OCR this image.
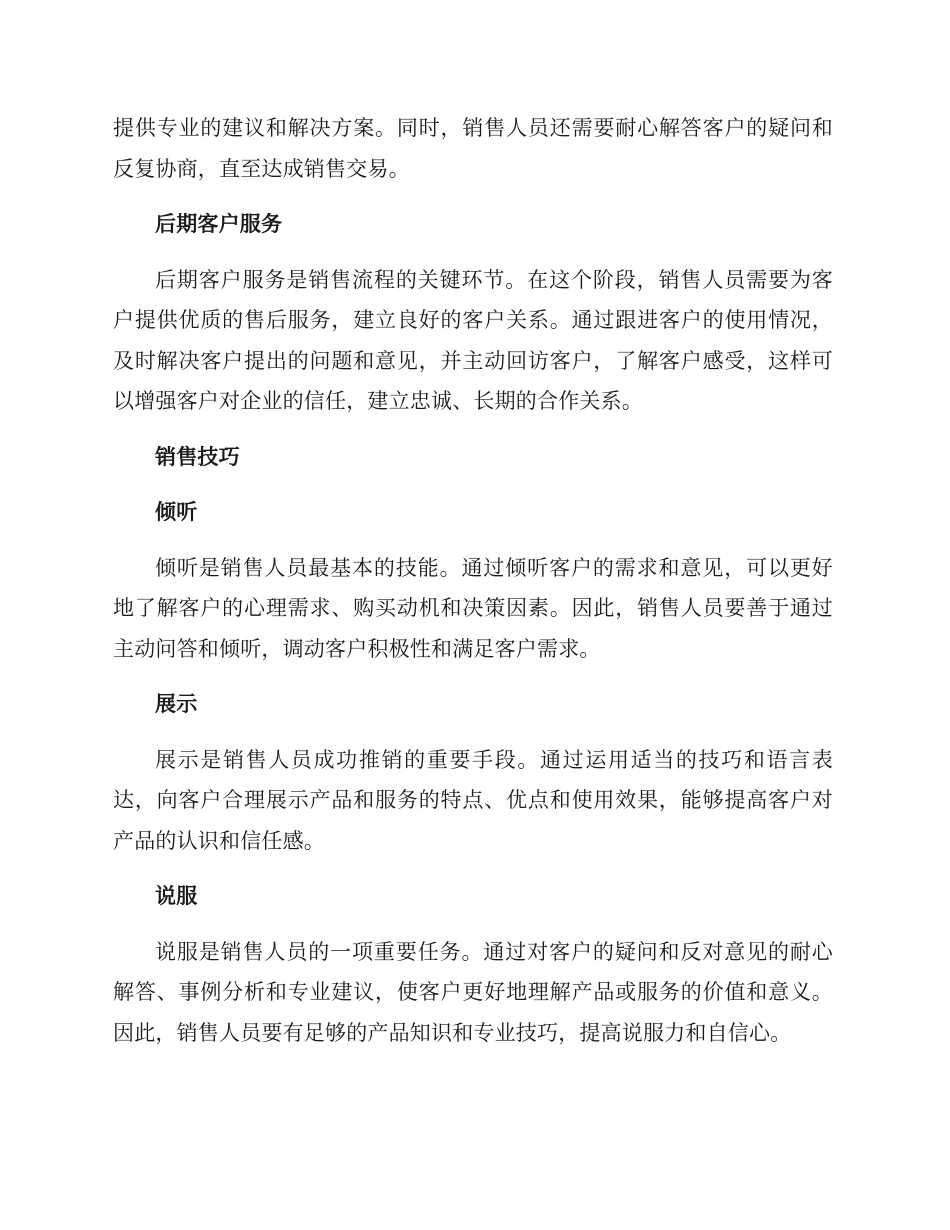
提供专业的建议和解决方案。同时，销售人员还需要耐心解答客户的疑问和反复协商，直至达成销售交易。

后期客户服务

后期客户服务是销售流程的关键环节。在这个阶段，销售人员需要为客户提供优质的售后服务，建立良好的客户关系。通过跟进客户的使用情况，及时解决客户提出的问题和意见，并主动回访客户，了解客户感受，这样可以增强客户对企业的信任，建立忠诚、长期的合作关系。

销售技巧

倾听

倾听是销售人员最基本的技能。通过倾听客户的需求和意见，可以更好地了解客户的心理需求、购买动机和决策因素。因此，销售人员要善于通过主动问答和倾听，调动客户积极性和满足客户需求。

展示

展示是销售人员成功推销的重要手段。通过运用适当的技巧和语言表达，向客户合理展示产品和服务的特点、优点和使用效果，能够提高客户对产品的认识和信任感。

说服

说服是销售人员的一项重要任务。通过对客户的疑问和反对意见的耐心解答、事例分析和专业建议，使客户更好地理解产品或服务的价值和意义。因此，销售人员要有足够的产品知识和专业技巧，提高说服力和自信心。
